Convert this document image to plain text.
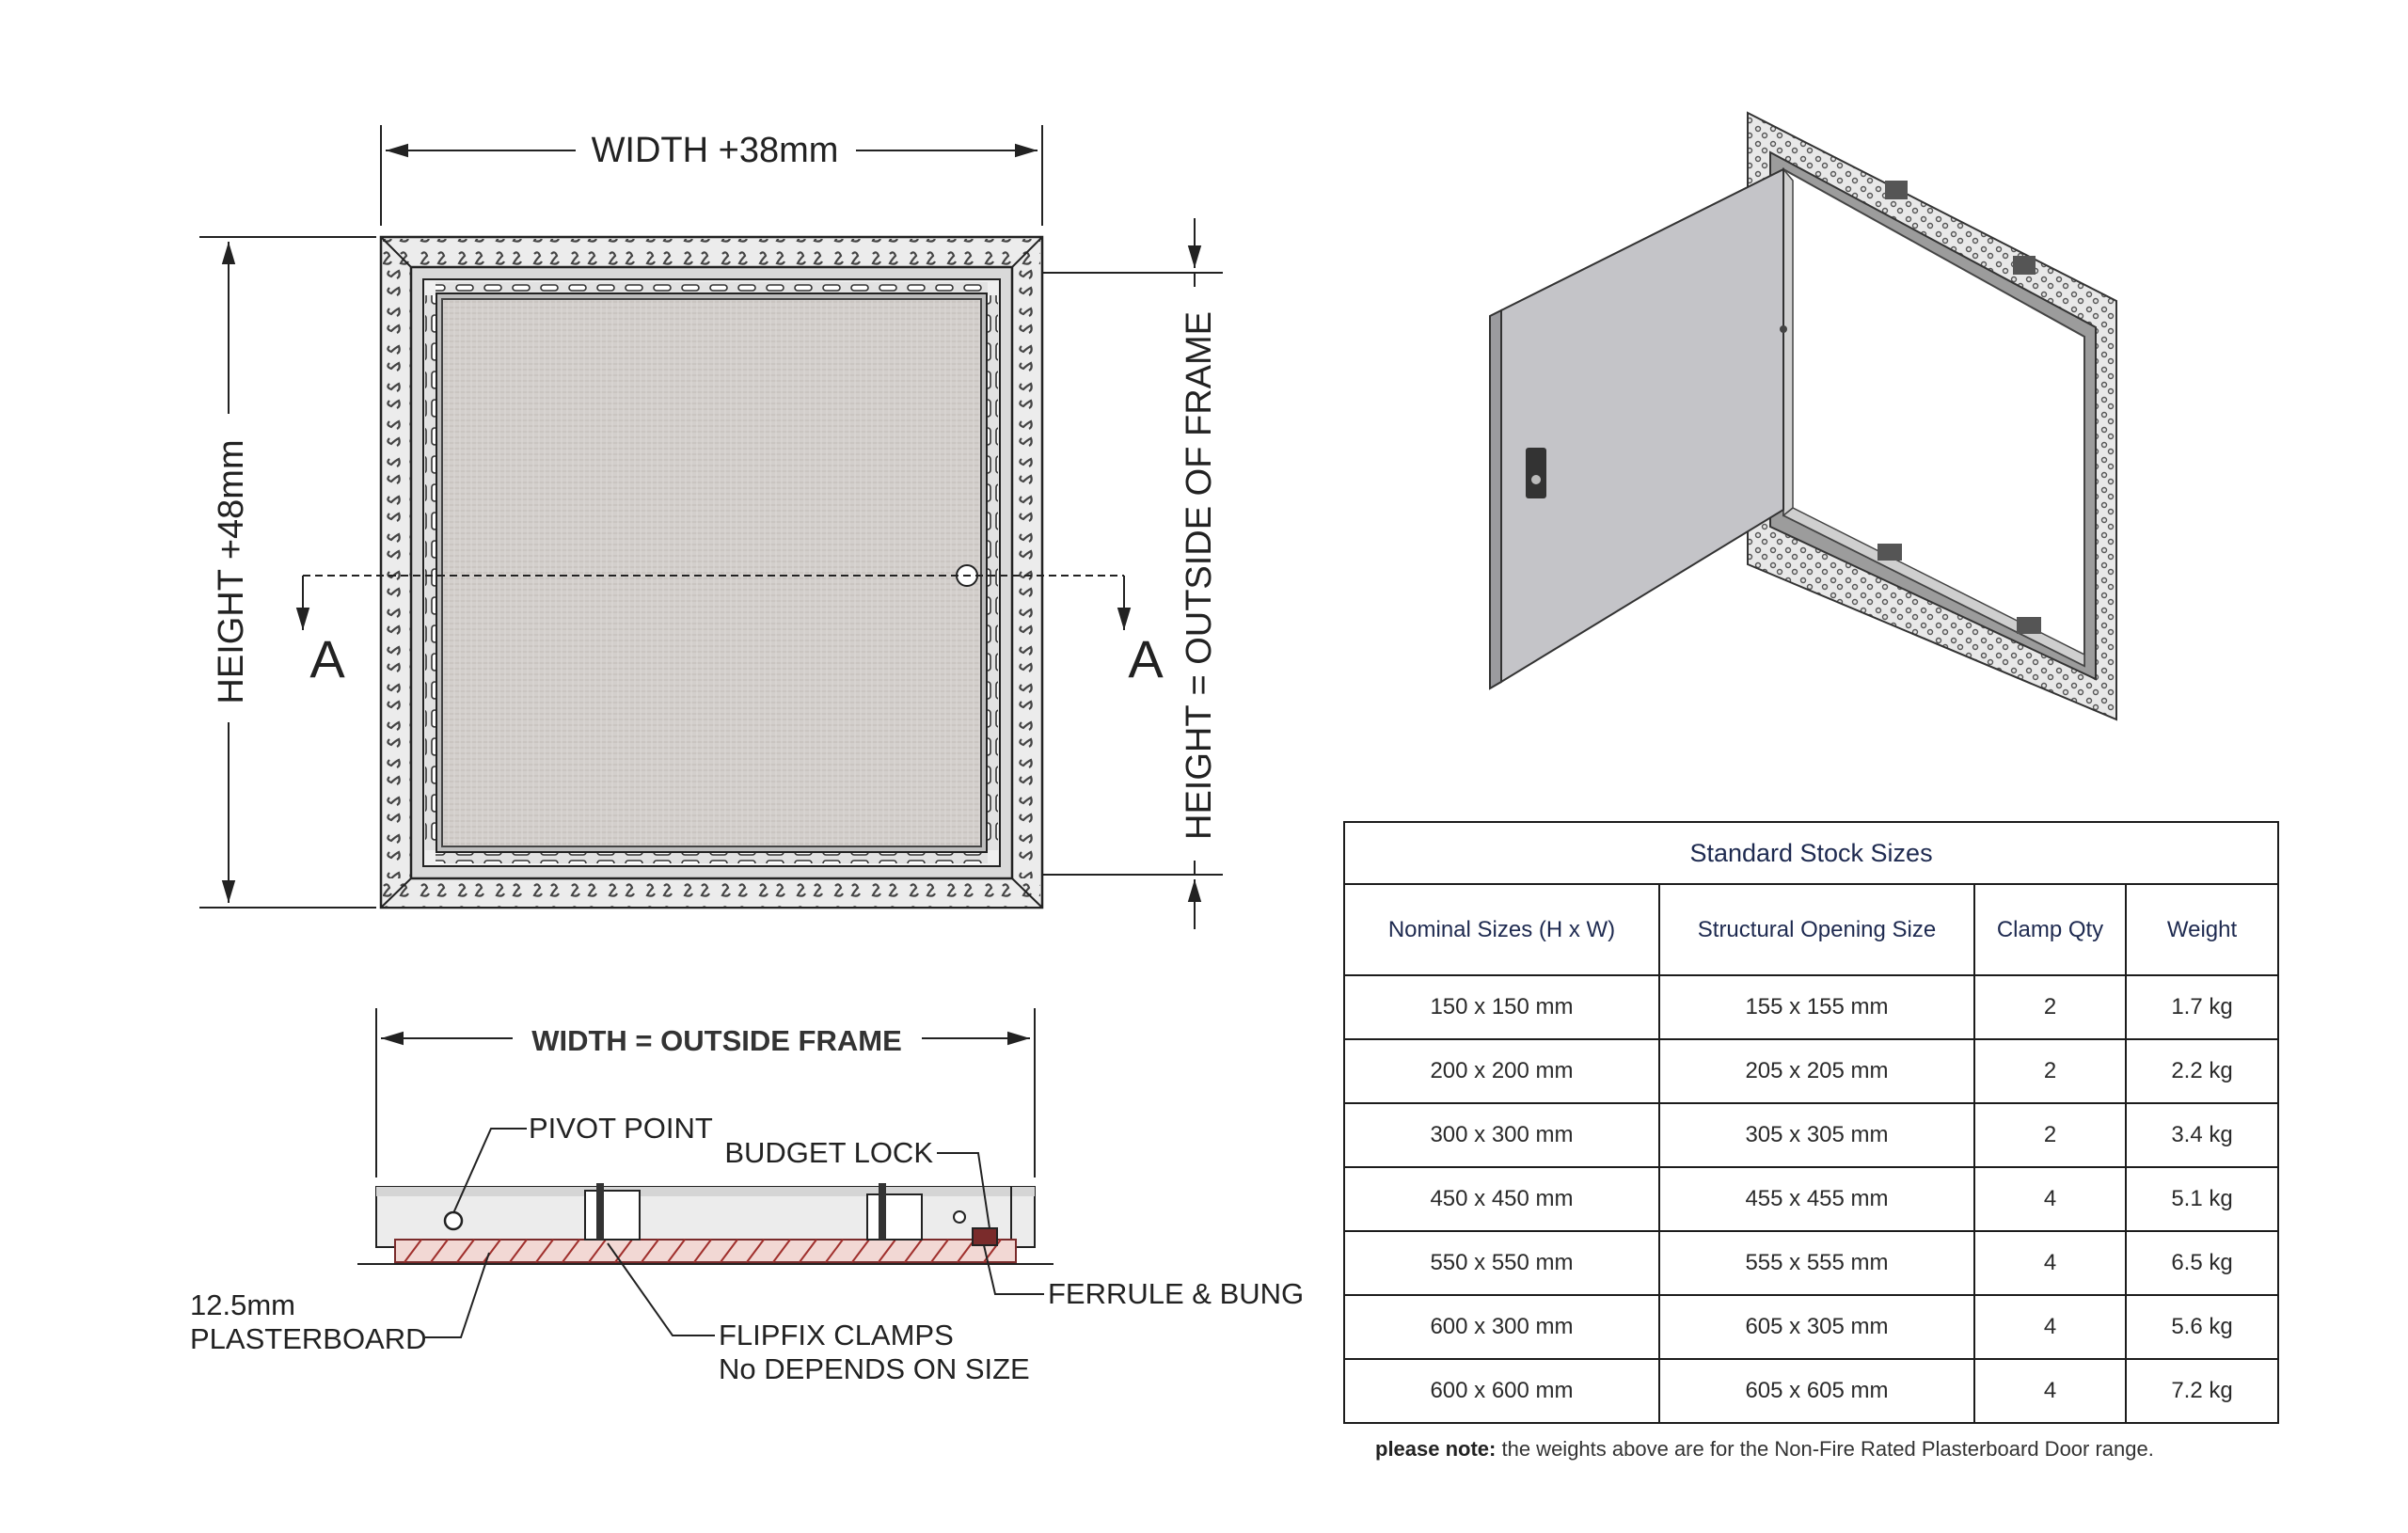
WIDTH +38mm
HEIGHT +48mm	HEIGHT = OUTSIDE OF FRAME
A	A
WIDTH = OUTSIDE FRAME
PIVOT POINT
BUDGET LOCK
12.5mm
PLASTERBOARD	FLIPFIX CLAMPS
No DEPENDS ON SIZE
FERRULE & BUNG
Standard Stock Sizes			
Nominal Sizes (H x W)	Structural Opening Size	Clamp Qty	Weight
150 x 150 mm	155 x 155 mm	2	1.7 kg
200 x 200 mm	205 x 205 mm	2	2.2 kg
300 x 300 mm	305 x 305 mm	2	3.4 kg
450 x 450 mm	455 x 455 mm	4	5.1 kg
550 x 550 mm	555 x 555 mm	4	6.5 kg
600 x 300 mm	605 x 305 mm	4	5.6 kg
600 x 600 mm	605 x 605 mm	4	7.2 kg
please note: the weights above are for the Non-Fire Rated Plasterboard Door range.
